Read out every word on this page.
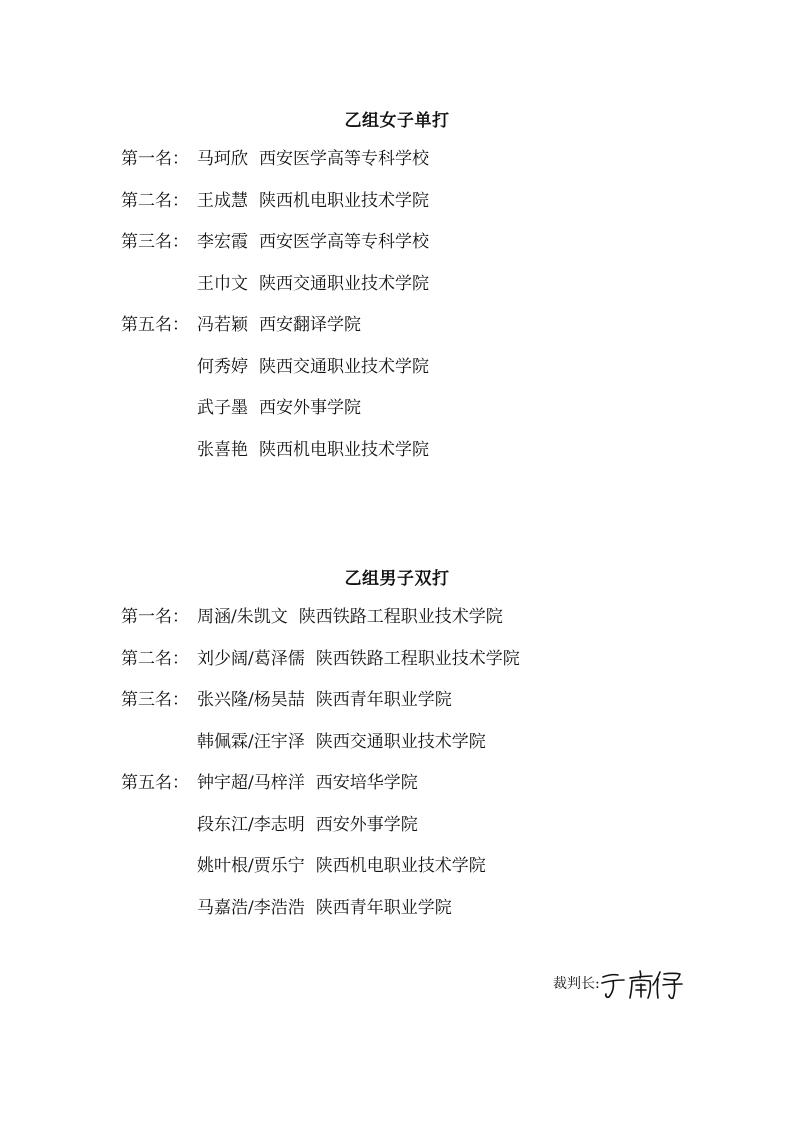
乙组女子单打
第一名： 马珂欣 西安医学高等专科学校
第二名： 王成慧 陕西机电职业技术学院
第三名： 李宏霞 西安医学高等专科学校
王巾文 陕西交通职业技术学院
第五名： 冯若颖 西安翻译学院
何秀婷 陕西交通职业技术学院
武子墨 西安外事学院
张喜艳 陕西机电职业技术学院
乙组男子双打
第一名： 周涵/朱凯文 陕西铁路工程职业技术学院
第二名： 刘少阔/葛泽儒 陕西铁路工程职业技术学院
第三名： 张兴隆/杨昊喆 陕西青年职业学院
韩佩霖/汪宇泽 陕西交通职业技术学院
第五名： 钟宇超/马梓洋 西安培华学院
段东江/李志明 西安外事学院
姚叶根/贾乐宁 陕西机电职业技术学院
马嘉浩/李浩浩 陕西青年职业学院
裁判长:
